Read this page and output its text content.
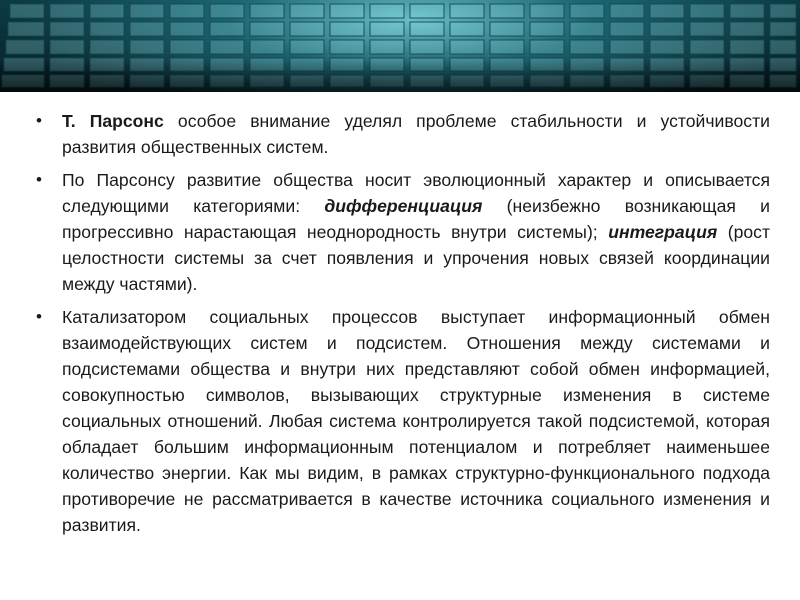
•	Т. Парсонс особое внимание уделял проблеме стабильности и устойчивости развития общественных систем.
•	По Парсонсу развитие общества носит эволюционный характер и описывается следующими категориями: дифференциация (неизбежно возникающая и прогрессивно нарастающая неоднородность внутри системы); интеграция (рост целостности системы за счет появления и упрочения новых связей координации между частями).
•	Катализатором социальных процессов выступает информационный обмен взаимодействующих систем и подсистем. Отношения между системами и подсистемами общества и внутри них представляют собой обмен информацией, совокупностью символов, вызывающих структурные изменения в системе социальных отношений. Любая система контролируется такой подсистемой, которая обладает большим информационным потенциалом и потребляет наименьшее количество энергии. Как мы видим, в рамках структурно-функционального подхода противоречие не рассматривается в качестве источника социального изменения и развития.
